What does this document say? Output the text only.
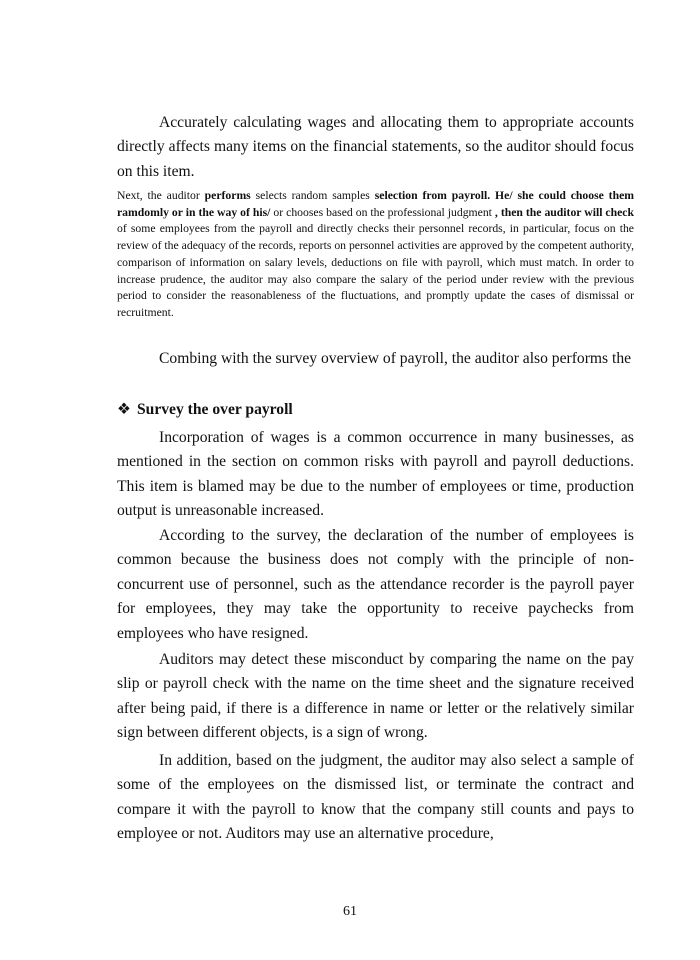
Accurately calculating wages and allocating them to appropriate accounts directly affects many items on the financial statements, so the auditor should focus on this item.

Next, the auditor performs selects random samples selection from payroll. He/ she could choose them ramdomly or in the way of his/ or chooses based on the professional judgment , then the auditor will check of some employees from the payroll and directly checks their personnel records, in particular, focus on the review of the adequacy of the records, reports on personnel activities are approved by the competent authority, comparison of information on salary levels, deductions on file with payroll, which must match. In order to increase prudence, the auditor may also compare the salary of the period under review with the previous period to consider the reasonableness of the fluctuations, and promptly update the cases of dismissal or recruitment.

Combing with the survey overview of payroll, the auditor also performs the

❖ Survey the over payroll

Incorporation of wages is a common occurrence in many businesses, as mentioned in the section on common risks with payroll and payroll deductions. This item is blamed may be due to the number of employees or time, production output is unreasonable increased.

According to the survey, the declaration of the number of employees is common because the business does not comply with the principle of non-concurrent use of personnel, such as the attendance recorder is the payroll payer for employees, they may take the opportunity to receive paychecks from employees who have resigned.

Auditors may detect these misconduct by comparing the name on the pay slip or payroll check with the name on the time sheet and the signature received after being paid, if there is a difference in name or letter or the relatively similar sign between different objects, is a sign of wrong.

In addition, based on the judgment, the auditor may also select a sample of some of the employees on the dismissed list, or terminate the contract and compare it with the payroll to know that the company still counts and pays to employee or not. Auditors may use an alternative procedure,

61
